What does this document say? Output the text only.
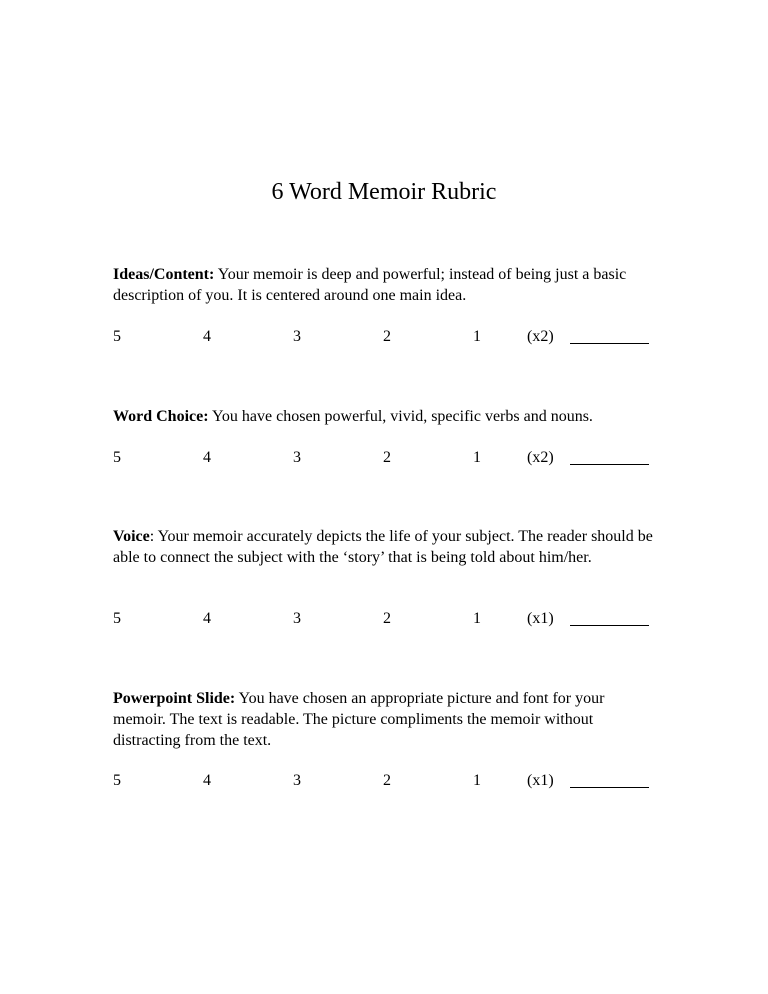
6 Word Memoir Rubric
Ideas/Content: Your memoir is deep and powerful; instead of being just a basic description of you. It is centered around one main idea.
5	4	3	2	1	(x2)
Word Choice: You have chosen powerful, vivid, specific verbs and nouns.
5	4	3	2	1	(x2)
Voice: Your memoir accurately depicts the life of your subject. The reader should be able to connect the subject with the ‘story’ that is being told about him/her.
5	4	3	2	1	(x1)
Powerpoint Slide: You have chosen an appropriate picture and font for your memoir. The text is readable. The picture compliments the memoir without distracting from the text.
5	4	3	2	1	(x1)
